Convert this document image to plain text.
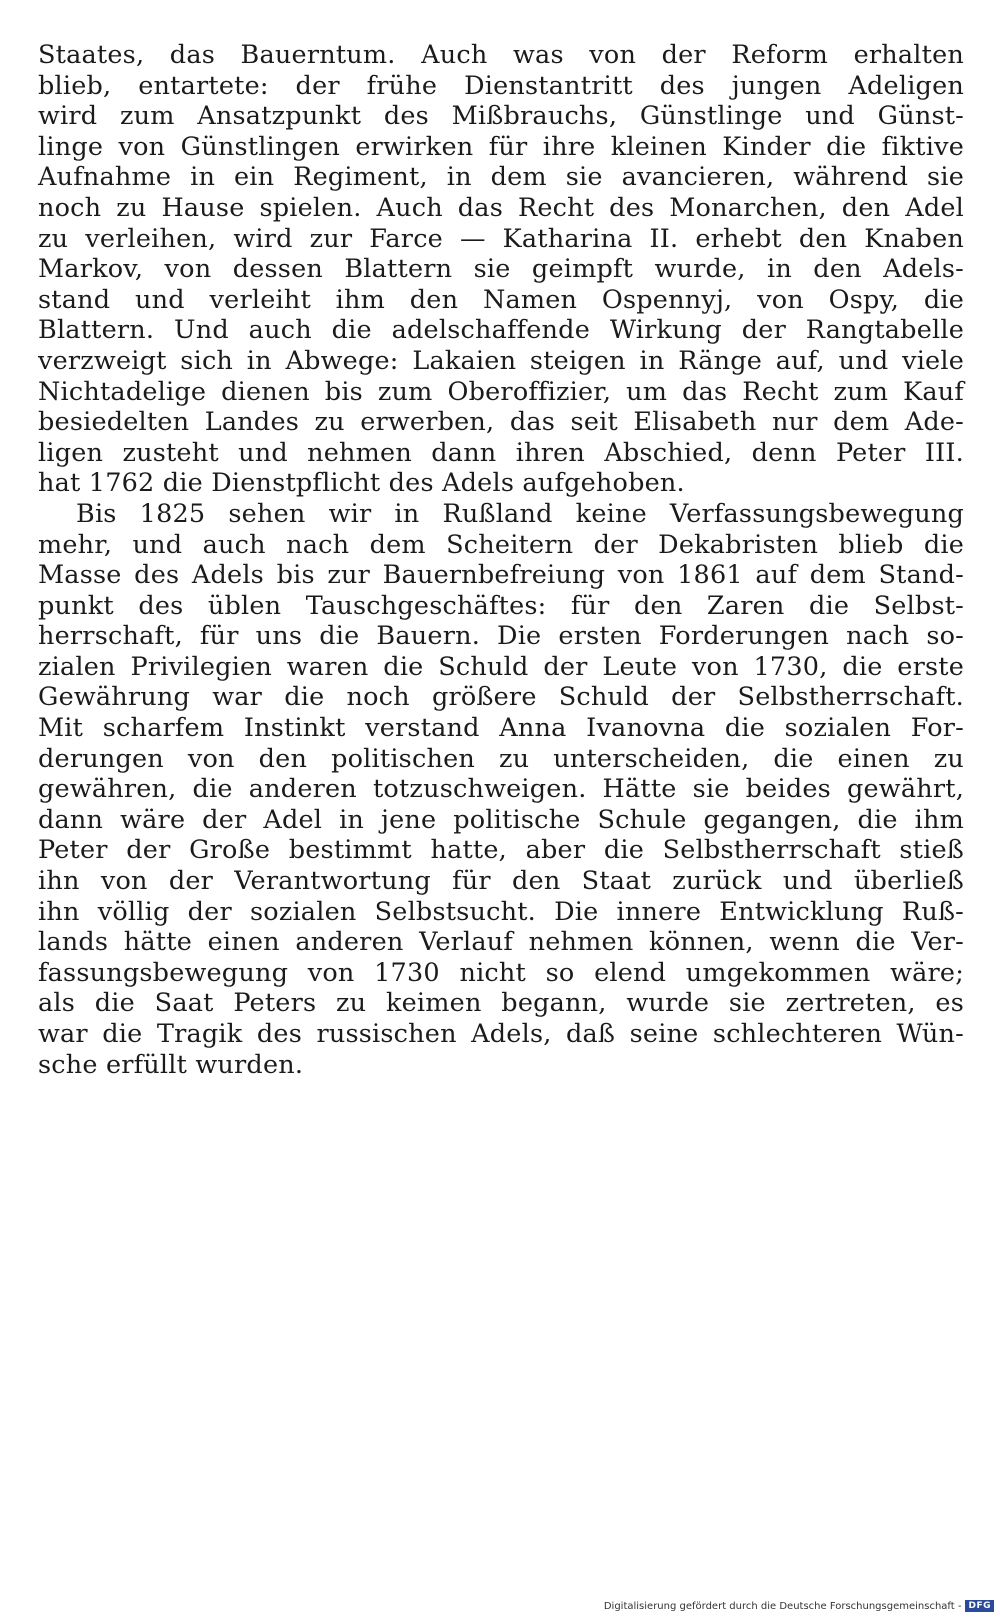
Staates, das Bauerntum. Auch was von der Reform erhalten
blieb, entartete: der frühe Dienstantritt des jungen Adeligen
wird zum Ansatzpunkt des Mißbrauchs, Günstlinge und Günst-
linge von Günstlingen erwirken für ihre kleinen Kinder die fiktive
Aufnahme in ein Regiment, in dem sie avancieren, während sie
noch zu Hause spielen. Auch das Recht des Monarchen, den Adel
zu verleihen, wird zur Farce — Katharina II. erhebt den Knaben
Markov, von dessen Blattern sie geimpft wurde, in den Adels-
stand und verleiht ihm den Namen Ospennyj, von Ospy, die
Blattern. Und auch die adelschaffende Wirkung der Rangtabelle
verzweigt sich in Abwege: Lakaien steigen in Ränge auf, und viele
Nichtadelige dienen bis zum Oberoffizier, um das Recht zum Kauf
besiedelten Landes zu erwerben, das seit Elisabeth nur dem Ade-
ligen zusteht und nehmen dann ihren Abschied, denn Peter III.
hat 1762 die Dienstpflicht des Adels aufgehoben.
Bis 1825 sehen wir in Rußland keine Verfassungsbewegung
mehr, und auch nach dem Scheitern der Dekabristen blieb die
Masse des Adels bis zur Bauernbefreiung von 1861 auf dem Stand-
punkt des üblen Tauschgeschäftes: für den Zaren die Selbst-
herrschaft, für uns die Bauern. Die ersten Forderungen nach so-
zialen Privilegien waren die Schuld der Leute von 1730, die erste
Gewährung war die noch größere Schuld der Selbstherrschaft.
Mit scharfem Instinkt verstand Anna Ivanovna die sozialen For-
derungen von den politischen zu unterscheiden, die einen zu
gewähren, die anderen totzuschweigen. Hätte sie beides gewährt,
dann wäre der Adel in jene politische Schule gegangen, die ihm
Peter der Große bestimmt hatte, aber die Selbstherrschaft stieß
ihn von der Verantwortung für den Staat zurück und überließ
ihn völlig der sozialen Selbstsucht. Die innere Entwicklung Ruß-
lands hätte einen anderen Verlauf nehmen können, wenn die Ver-
fassungsbewegung von 1730 nicht so elend umgekommen wäre;
als die Saat Peters zu keimen begann, wurde sie zertreten, es
war die Tragik des russischen Adels, daß seine schlechteren Wün-
sche erfüllt wurden.
Digitalisierung gefördert durch die Deutsche Forschungsgemeinschaft - DFG
